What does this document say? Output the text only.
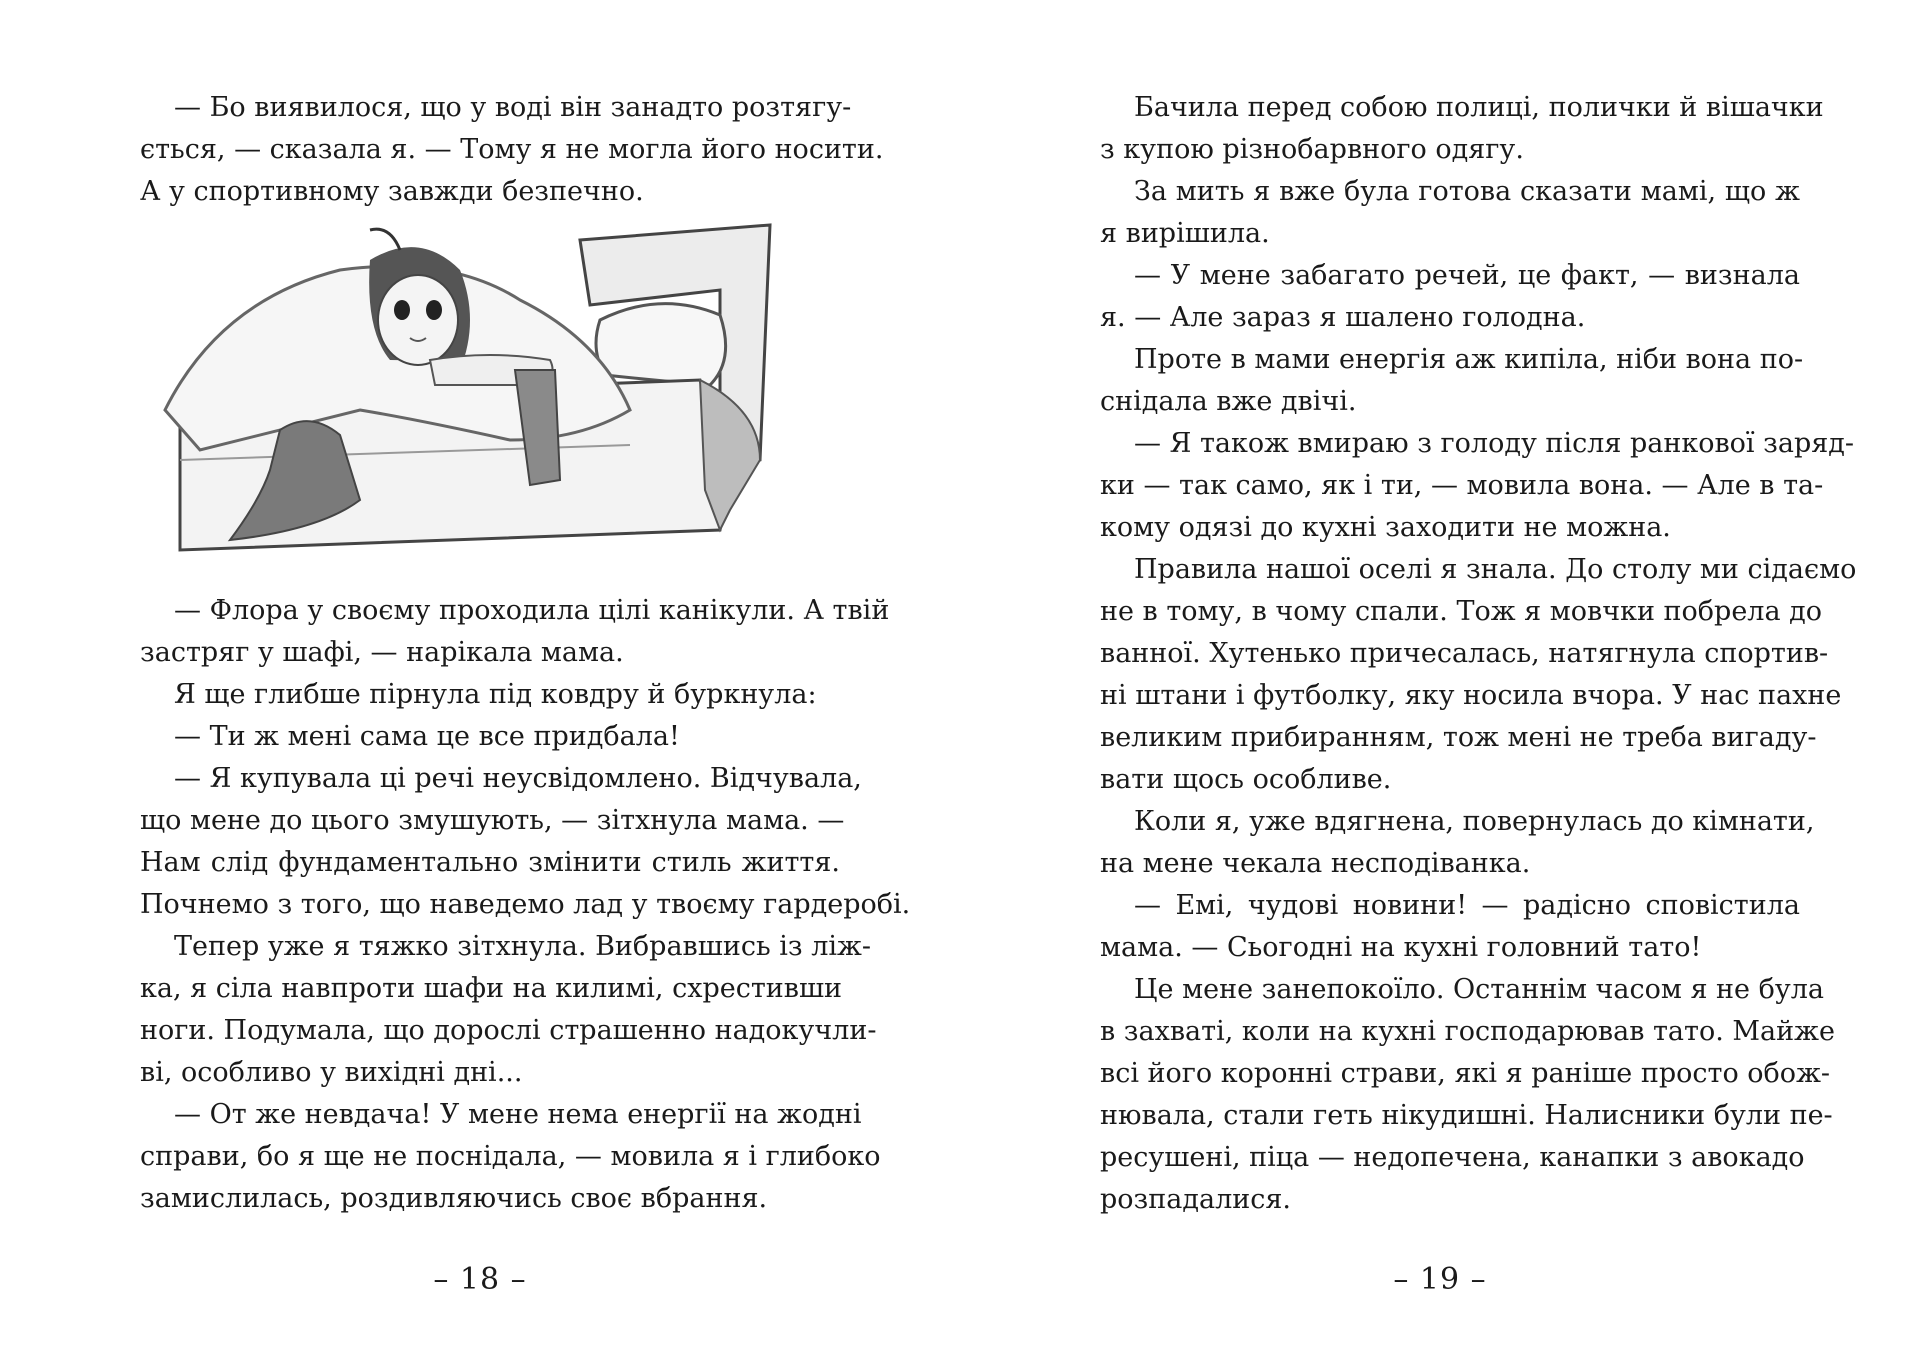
— Бо виявилося, що у воді він занадто розтягу-
ється, — сказала я. — Тому я не могла його носити.
А у спортивному завжди безпечно.
— Флора у своєму проходила цілі канікули. А твій
застряг у шафі, — нарікала мама.
Я ще глибше пірнула під ковдру й буркнула:
— Ти ж мені сама це все придбала!
— Я купувала ці речі неусвідомлено. Відчувала,
що мене до цього змушують, — зітхнула мама. —
Нам слід фундаментально змінити стиль життя.
Почнемо з того, що наведемо лад у твоєму гардеробі.
Тепер уже я тяжко зітхнула. Вибравшись із ліж-
ка, я сіла навпроти шафи на килимі, схрестивши
ноги. Подумала, що дорослі страшенно надокучли-
ві, особливо у вихідні дні...
— От же невдача! У мене нема енергії на жодні
справи, бо я ще не поснідала, — мовила я і глибоко
замислилась, роздивляючись своє вбрання.
– 18 –
Бачила перед собою полиці, полички й вішачки
з купою різнобарвного одягу.
За мить я вже була готова сказати мамі, що ж
я вирішила.
— У мене забагато речей, це факт, — визнала
я. — Але зараз я шалено голодна.
Проте в мами енергія аж кипіла, ніби вона по-
снідала вже двічі.
— Я також вмираю з голоду після ранкової заряд-
ки — так само, як і ти, — мовила вона. — Але в та-
кому одязі до кухні заходити не можна.
Правила нашої оселі я знала. До столу ми сідаємо
не в тому, в чому спали. Тож я мовчки побрела до
ванної. Хутенько причесалась, натягнула спортив-
ні штани і футболку, яку носила вчора. У нас пахне
великим прибиранням, тож мені не треба вигаду-
вати щось особливе.
Коли я, уже вдягнена, повернулась до кімнати,
на мене чекала несподіванка.
— Емі, чудові новини! — радісно сповістила
мама. — Сьогодні на кухні головний тато!
Це мене занепокоїло. Останнім часом я не була
в захваті, коли на кухні господарював тато. Майже
всі його коронні страви, які я раніше просто обож-
нювала, стали геть нікудишні. Налисники були пе-
ресушені, піца — недопечена, канапки з авокадо
розпадалися.
– 19 –
